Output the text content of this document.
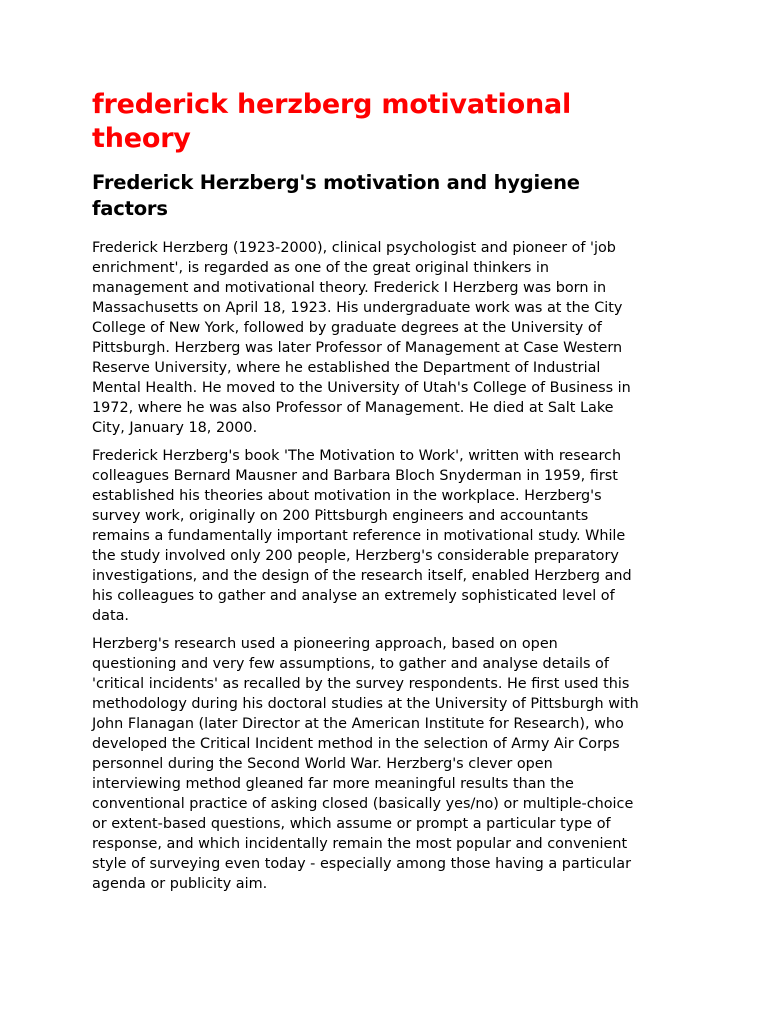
frederick herzberg motivational
theory
Frederick Herzberg's motivation and hygiene
factors

Frederick Herzberg (1923-2000), clinical psychologist and pioneer of 'job
enrichment', is regarded as one of the great original thinkers in
management and motivational theory. Frederick I Herzberg was born in
Massachusetts on April 18, 1923. His undergraduate work was at the City
College of New York, followed by graduate degrees at the University of
Pittsburgh. Herzberg was later Professor of Management at Case Western
Reserve University, where he established the Department of Industrial
Mental Health. He moved to the University of Utah's College of Business in
1972, where he was also Professor of Management. He died at Salt Lake
City, January 18, 2000.

Frederick Herzberg's book 'The Motivation to Work', written with research
colleagues Bernard Mausner and Barbara Bloch Snyderman in 1959, first
established his theories about motivation in the workplace. Herzberg's
survey work, originally on 200 Pittsburgh engineers and accountants
remains a fundamentally important reference in motivational study. While
the study involved only 200 people, Herzberg's considerable preparatory
investigations, and the design of the research itself, enabled Herzberg and
his colleagues to gather and analyse an extremely sophisticated level of
data.

Herzberg's research used a pioneering approach, based on open
questioning and very few assumptions, to gather and analyse details of
'critical incidents' as recalled by the survey respondents. He first used this
methodology during his doctoral studies at the University of Pittsburgh with
John Flanagan (later Director at the American Institute for Research), who
developed the Critical Incident method in the selection of Army Air Corps
personnel during the Second World War. Herzberg's clever open
interviewing method gleaned far more meaningful results than the
conventional practice of asking closed (basically yes/no) or multiple-choice
or extent-based questions, which assume or prompt a particular type of
response, and which incidentally remain the most popular and convenient
style of surveying even today - especially among those having a particular
agenda or publicity aim.
